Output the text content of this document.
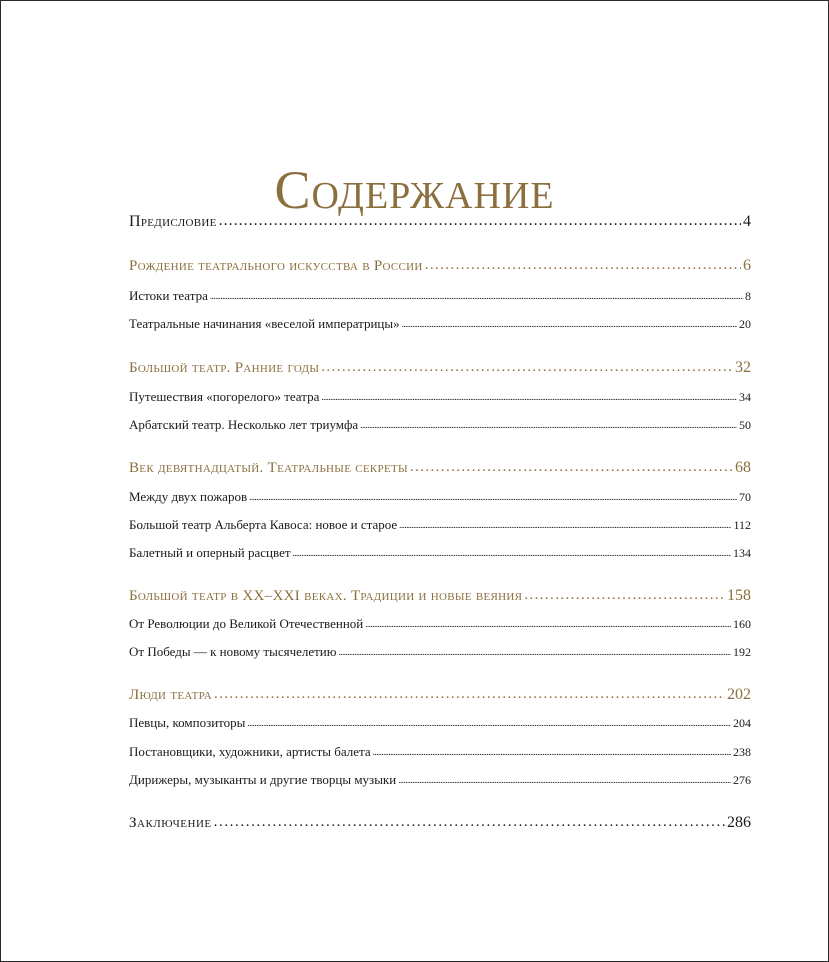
Содержание
Предисловие .....	4
Рождение театрального искусства в России .....	6
Истоки театра .....	8
Театральные начинания «веселой императрицы» .....	20
Большой театр. Ранние годы .....	32
Путешествия «погорелого» театра .....	34
Арбатский театр. Несколько лет триумфа .....	50
Век девятнадцатый. Театральные секреты .....	68
Между двух пожаров .....	70
Большой театр Альберта Кавоса: новое и старое .....	112
Балетный и оперный расцвет .....	134
Большой театр в XX–XXI веках. Традиции и новые веяния .....	158
От Революции до Великой Отечественной .....	160
От Победы — к новому тысячелетию .....	192
Люди театра .....	202
Певцы, композиторы .....	204
Постановщики, художники, артисты балета .....	238
Дирижеры, музыканты и другие творцы музыки .....	276
Заключение .....	286
